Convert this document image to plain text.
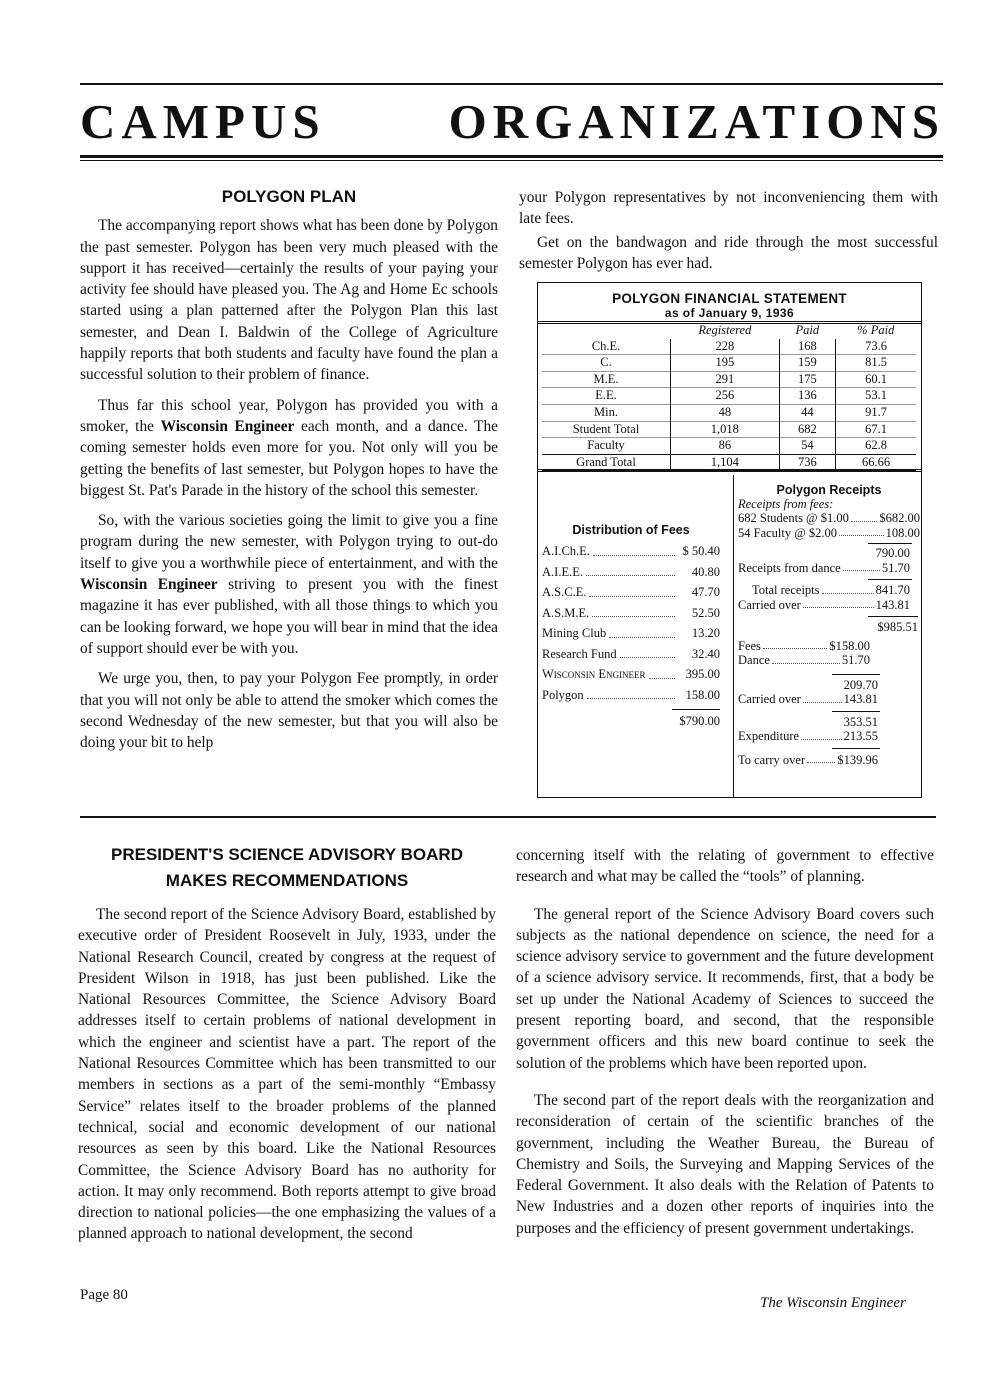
CAMPUS ORGANIZATIONS
POLYGON PLAN

The accompanying report shows what has been done by Polygon the past semester. Polygon has been very much pleased with the support it has received—certainly the results of your paying your activity fee should have pleased you. The Ag and Home Ec schools started using a plan patterned after the Polygon Plan this last semester, and Dean I. Baldwin of the College of Agriculture happily reports that both students and faculty have found the plan a successful solution to their problem of finance.

Thus far this school year, Polygon has provided you with a smoker, the Wisconsin Engineer each month, and a dance. The coming semester holds even more for you. Not only will you be getting the benefits of last semester, but Polygon hopes to have the biggest St. Pat's Parade in the history of the school this semester.

So, with the various societies going the limit to give you a fine program during the new semester, with Polygon trying to out-do itself to give you a worthwhile piece of entertainment, and with the Wisconsin Engineer striving to present you with the finest magazine it has ever published, with all those things to which you can be looking forward, we hope you will bear in mind that the idea of support should ever be with you.

We urge you, then, to pay your Polygon Fee promptly, in order that you will not only be able to attend the smoker which comes the second Wednesday of the new semester, but that you will also be doing your bit to help

your Polygon representatives by not inconveniencing them with late fees.

Get on the bandwagon and ride through the most successful semester Polygon has ever had.

POLYGON FINANCIAL STATEMENT
as of January 9, 1936
	Registered	Paid	% Paid
Ch.E.	228	168	73.6
C.	195	159	81.5
M.E.	291	175	60.1
E.E.	256	136	53.1
Min.	48	44	91.7
Student Total	1,018	682	67.1
Faculty	86	54	62.8
Grand Total	1,104	736	66.66
Distribution of Fees
A.I.Ch.E.	$ 50.40
A.I.E.E.	40.80
A.S.C.E.	47.70
A.S.M.E.	52.50
Mining Club	13.20
Research Fund	32.40
Wisconsin Engineer	395.00
Polygon	158.00
$790.00
Polygon Receipts
Receipts from fees:
682 Students @ $1.00 $682.00
54 Faculty @ $2.00	108.00
790.00
Receipts from dance	51.70
Total receipts	841.70
Carried over	143.81
$985.51
Fees	$158.00
Dance	51.70
209.70
Carried over	143.81
353.51
Expenditure	213.55
To carry over	$139.96
PRESIDENT'S SCIENCE ADVISORY BOARD
MAKES RECOMMENDATIONS

The second report of the Science Advisory Board, established by executive order of President Roosevelt in July, 1933, under the National Research Council, created by congress at the request of President Wilson in 1918, has just been published. Like the National Resources Committee, the Science Advisory Board addresses itself to certain problems of national development in which the engineer and scientist have a part. The report of the National Resources Committee which has been transmitted to our members in sections as a part of the semi-monthly “Embassy Service” relates itself to the broader problems of the planned technical, social and economic development of our national resources as seen by this board. Like the National Resources Committee, the Science Advisory Board has no authority for action. It may only recommend. Both reports attempt to give broad direction to national policies—the one emphasizing the values of a planned approach to national development, the second

concerning itself with the relating of government to effective research and what may be called the “tools” of planning.

The general report of the Science Advisory Board covers such subjects as the national dependence on science, the need for a science advisory service to government and the future development of a science advisory service. It recommends, first, that a body be set up under the National Academy of Sciences to succeed the present reporting board, and second, that the responsible government officers and this new board continue to seek the solution of the problems which have been reported upon.

The second part of the report deals with the reorganization and reconsideration of certain of the scientific branches of the government, including the Weather Bureau, the Bureau of Chemistry and Soils, the Surveying and Mapping Services of the Federal Government. It also deals with the Relation of Patents to New Industries and a dozen other reports of inquiries into the purposes and the efficiency of present government undertakings.

Page 80	The Wisconsin Engineer
